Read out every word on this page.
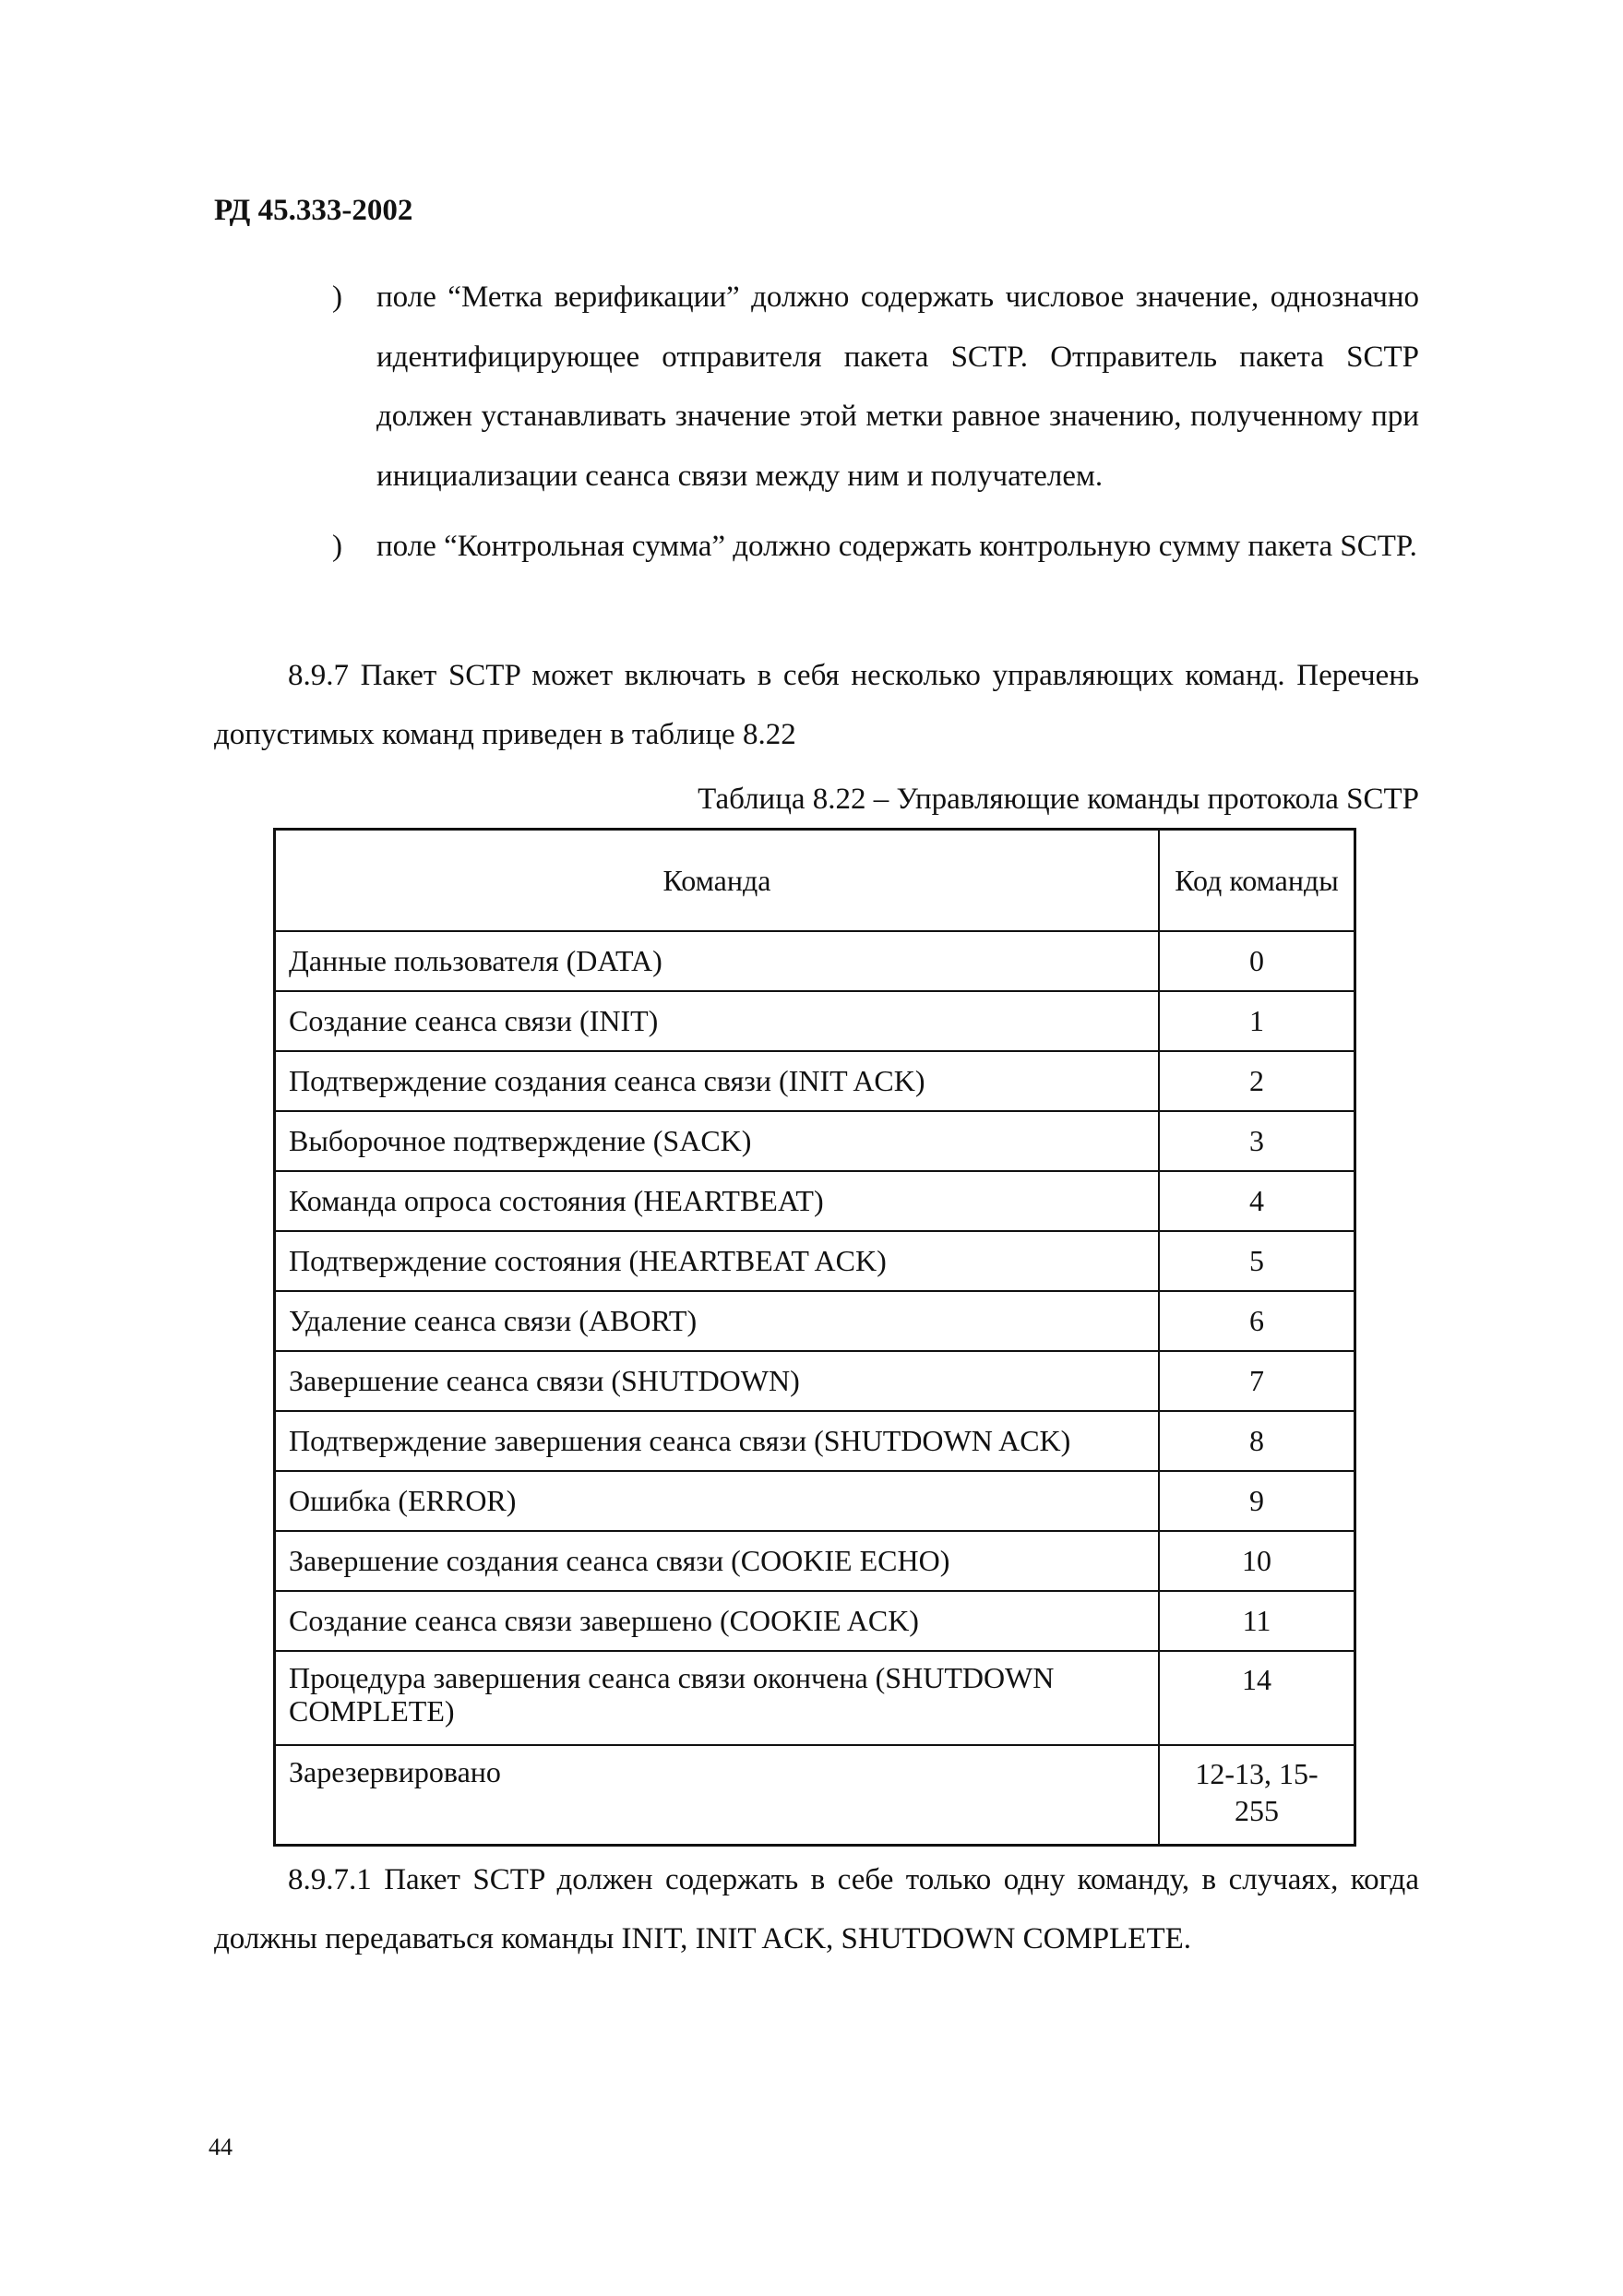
РД 45.333-2002
) поле “Метка верификации” должно содержать числовое значение, однозначно идентифицирующее отправителя пакета SCTP. Отправитель пакета SCTP должен устанавливать значение этой метки равное значению, полученному при инициализации сеанса связи между ним и получателем.
) поле “Контрольная сумма” должно содержать контрольную сумму пакета SCTP.
8.9.7 Пакет SCTP может включать в себя несколько управляющих команд. Перечень допустимых команд приведен в таблице 8.22

Таблица 8.22 – Управляющие команды протокола SCTP

Команда	Код команды
Данные пользователя (DATA)	0
Создание сеанса связи (INIT)	1
Подтверждение создания сеанса связи (INIT ACK)	2
Выборочное подтверждение (SACK)	3
Команда опроса состояния (HEARTBEAT)	4
Подтверждение состояния (HEARTBEAT ACK)	5
Удаление сеанса связи (ABORT)	6
Завершение сеанса связи (SHUTDOWN)	7
Подтверждение завершения сеанса связи (SHUTDOWN ACK)	8
Ошибка (ERROR)	9
Завершение создания сеанса связи (COOKIE ECHO)	10
Создание сеанса связи завершено (COOKIE ACK)	11
Процедура завершения сеанса связи окончена (SHUTDOWN COMPLETE)	14
Зарезервировано	12-13, 15-255
8.9.7.1 Пакет SCTP должен содержать в себе только одну команду, в случаях, когда должны передаваться команды INIT, INIT ACK, SHUTDOWN COMPLETE.

44
